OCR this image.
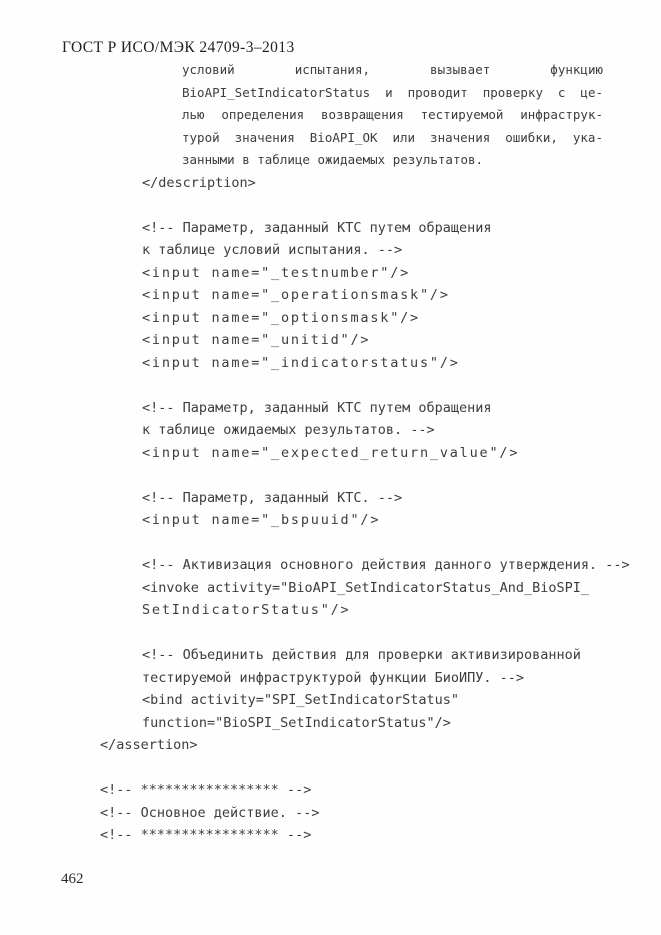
ГОСТ Р ИСО/МЭК 24709-3–2013
условий испытания, вызывает функцию
BioAPI_SetIndicatorStatus и проводит проверку с це-
лью определения возвращения тестируемой инфраструк-
турой значения BioAPI_OK или значения ошибки, ука-
занными в таблице ожидаемых результатов.
</description>

<!-- Параметр, заданный КТС путем обращения
к таблице условий испытания. -->
<input name="_testnumber"/>
<input name="_operationsmask"/>
<input name="_optionsmask"/>
<input name="_unitid"/>
<input name="_indicatorstatus"/>

<!-- Параметр, заданный КТС путем обращения
к таблице ожидаемых результатов. -->
<input name="_expected_return_value"/>

<!-- Параметр, заданный КТС. -->
<input name="_bspuuid"/>

<!-- Активизация основного действия данного утверждения. -->
<invoke activity="BioAPI_SetIndicatorStatus_And_BioSPI_
SetIndicatorStatus"/>

<!-- Объединить действия для проверки активизированной
тестируемой инфраструктурой функции БиоИПУ. -->
<bind activity="SPI_SetIndicatorStatus"
function="BioSPI_SetIndicatorStatus"/>
</assertion>

<!-- ***************** -->
<!-- Основное действие. -->
<!-- ***************** -->
462
